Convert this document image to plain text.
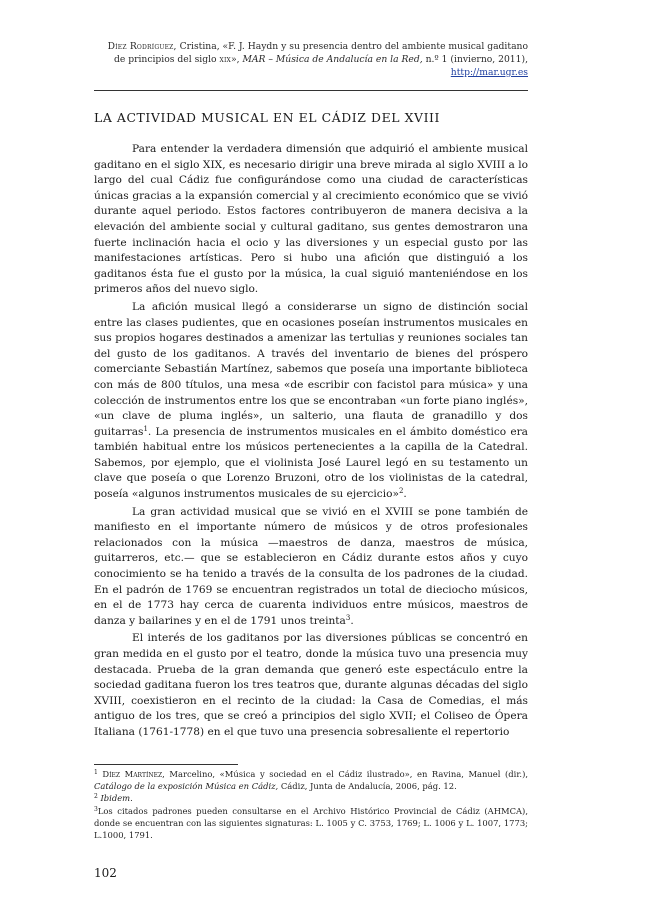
Díez Rodríguez, Cristina, «F. J. Haydn y su presencia dentro del ambiente musical gaditano de principios del siglo xix», MAR – Música de Andalucía en la Red, n.º 1 (invierno, 2011),
http://mar.ugr.es
LA ACTIVIDAD MUSICAL EN EL CÁDIZ DEL XVIII

Para entender la verdadera dimensión que adquirió el ambiente musical gaditano en el siglo XIX, es necesario dirigir una breve mirada al siglo XVIII a lo largo del cual Cádiz fue configurándose como una ciudad de características únicas gracias a la expansión comercial y al crecimiento económico que se vivió durante aquel periodo. Estos factores contribuyeron de manera decisiva a la elevación del ambiente social y cultural gaditano, sus gentes demostraron una fuerte inclinación hacia el ocio y las diversiones y un especial gusto por las manifestaciones artísticas. Pero si hubo una afición que distinguió a los gaditanos ésta fue el gusto por la música, la cual siguió manteniéndose en los primeros años del nuevo siglo.

La afición musical llegó a considerarse un signo de distinción social entre las clases pudientes, que en ocasiones poseían instrumentos musicales en sus propios hogares destinados a amenizar las tertulias y reuniones sociales tan del gusto de los gaditanos. A través del inventario de bienes del próspero comerciante Sebastián Martínez, sabemos que poseía una importante biblioteca con más de 800 títulos, una mesa «de escribir con facistol para música» y una colección de instrumentos entre los que se encontraban «un forte piano inglés», «un clave de pluma inglés», un salterio, una flauta de granadillo y dos guitarras$^1$. La presencia de instrumentos musicales en el ámbito doméstico era también habitual entre los músicos pertenecientes a la capilla de la Catedral. Sabemos, por ejemplo, que el violinista José Laurel legó en su testamento un clave que poseía o que Lorenzo Bruzoni, otro de los violinistas de la catedral, poseía «algunos instrumentos musicales de su ejercicio»$^2$.

La gran actividad musical que se vivió en el XVIII se pone también de manifiesto en el importante número de músicos y de otros profesionales relacionados con la música —maestros de danza, maestros de música, guitarreros, etc.— que se establecieron en Cádiz durante estos años y cuyo conocimiento se ha tenido a través de la consulta de los padrones de la ciudad. En el padrón de 1769 se encuentran registrados un total de dieciocho músicos, en el de 1773 hay cerca de cuarenta individuos entre músicos, maestros de danza y bailarines y en el de 1791 unos treinta$^3$.

El interés de los gaditanos por las diversiones públicas se concentró en gran medida en el gusto por el teatro, donde la música tuvo una presencia muy destacada. Prueba de la gran demanda que generó este espectáculo entre la sociedad gaditana fueron los tres teatros que, durante algunas décadas del siglo XVIII, coexistieron en el recinto de la ciudad: la Casa de Comedias, el más antiguo de los tres, que se creó a principios del siglo XVII; el Coliseo de Ópera Italiana (1761-1778) en el que tuvo una presencia sobresaliente el repertorio

$^1$ Díez Martínez, Marcelino, «Música y sociedad en el Cádiz ilustrado», en Ravina, Manuel (dir.), Catálogo de la exposición Música en Cádiz, Cádiz, Junta de Andalucía, 2006, pág. 12.

$^2$ Ibidem.

$^3$Los citados padrones pueden consultarse en el Archivo Histórico Provincial de Cádiz (AHMCA), donde se encuentran con las siguientes signaturas: L. 1005 y C. 3753, 1769; L. 1006 y L. 1007, 1773; L.1000, 1791.

102
